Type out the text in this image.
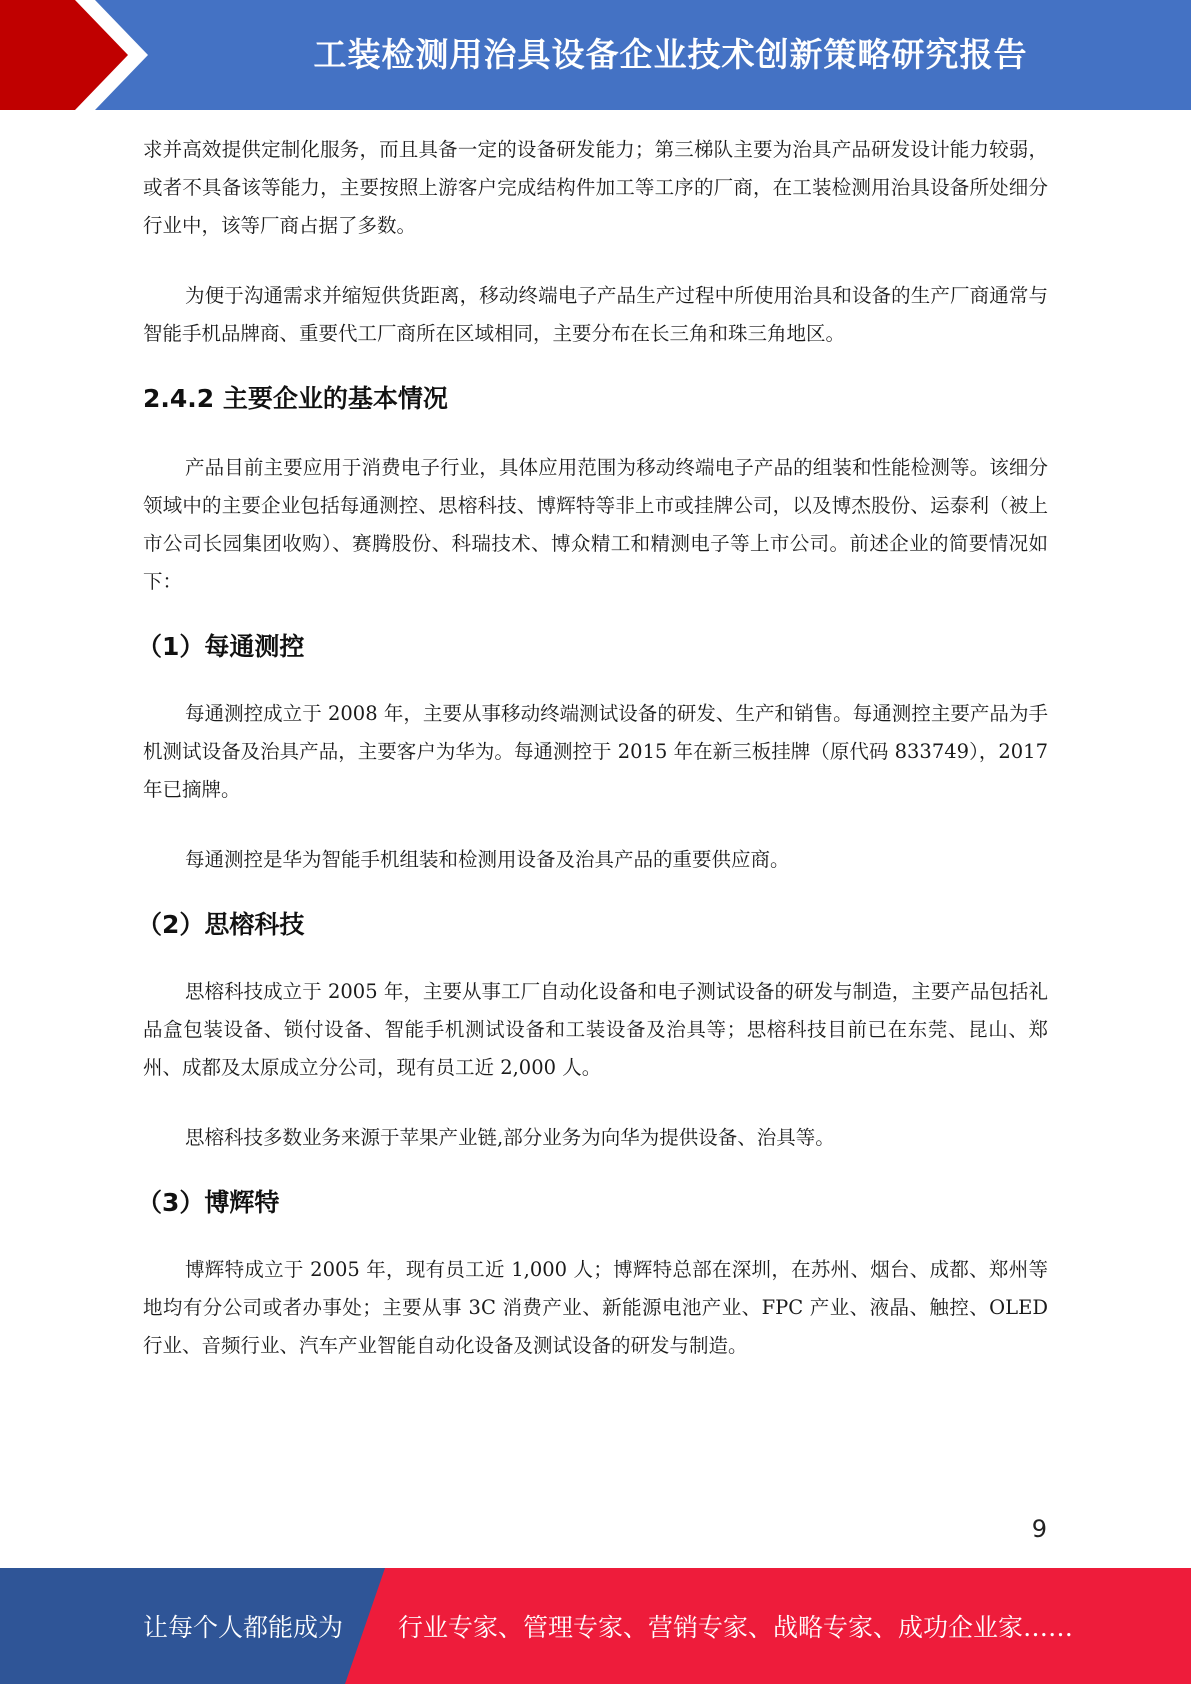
工装检测用治具设备企业技术创新策略研究报告

求并高效提供定制化服务，而且具备一定的设备研发能力；第三梯队主要为治具产品研发设计能力较弱，或者不具备该等能力，主要按照上游客户完成结构件加工等工序的厂商，在工装检测用治具设备所处细分行业中，该等厂商占据了多数。

为便于沟通需求并缩短供货距离，移动终端电子产品生产过程中所使用治具和设备的生产厂商通常与智能手机品牌商、重要代工厂商所在区域相同，主要分布在长三角和珠三角地区。

2.4.2 主要企业的基本情况

产品目前主要应用于消费电子行业，具体应用范围为移动终端电子产品的组装和性能检测等。该细分领域中的主要企业包括每通测控、思榕科技、博辉特等非上市或挂牌公司，以及博杰股份、运泰利（被上市公司长园集团收购）、赛腾股份、科瑞技术、博众精工和精测电子等上市公司。前述企业的简要情况如下：

（1）每通测控

每通测控成立于 2008 年，主要从事移动终端测试设备的研发、生产和销售。每通测控主要产品为手机测试设备及治具产品，主要客户为华为。每通测控于 2015 年在新三板挂牌（原代码 833749），2017 年已摘牌。

每通测控是华为智能手机组装和检测用设备及治具产品的重要供应商。

（2）思榕科技

思榕科技成立于 2005 年，主要从事工厂自动化设备和电子测试设备的研发与制造，主要产品包括礼品盒包装设备、锁付设备、智能手机测试设备和工装设备及治具等；思榕科技目前已在东莞、昆山、郑州、成都及太原成立分公司，现有员工近 2,000 人。

思榕科技多数业务来源于苹果产业链,部分业务为向华为提供设备、治具等。

（3）博辉特

博辉特成立于 2005 年，现有员工近 1,000 人；博辉特总部在深圳，在苏州、烟台、成都、郑州等地均有分公司或者办事处；主要从事 3C 消费产业、新能源电池产业、FPC 产业、液晶、触控、OLED 行业、音频行业、汽车产业智能自动化设备及测试设备的研发与制造。

9
让每个人都能成为 行业专家、管理专家、营销专家、战略专家、成功企业家……
